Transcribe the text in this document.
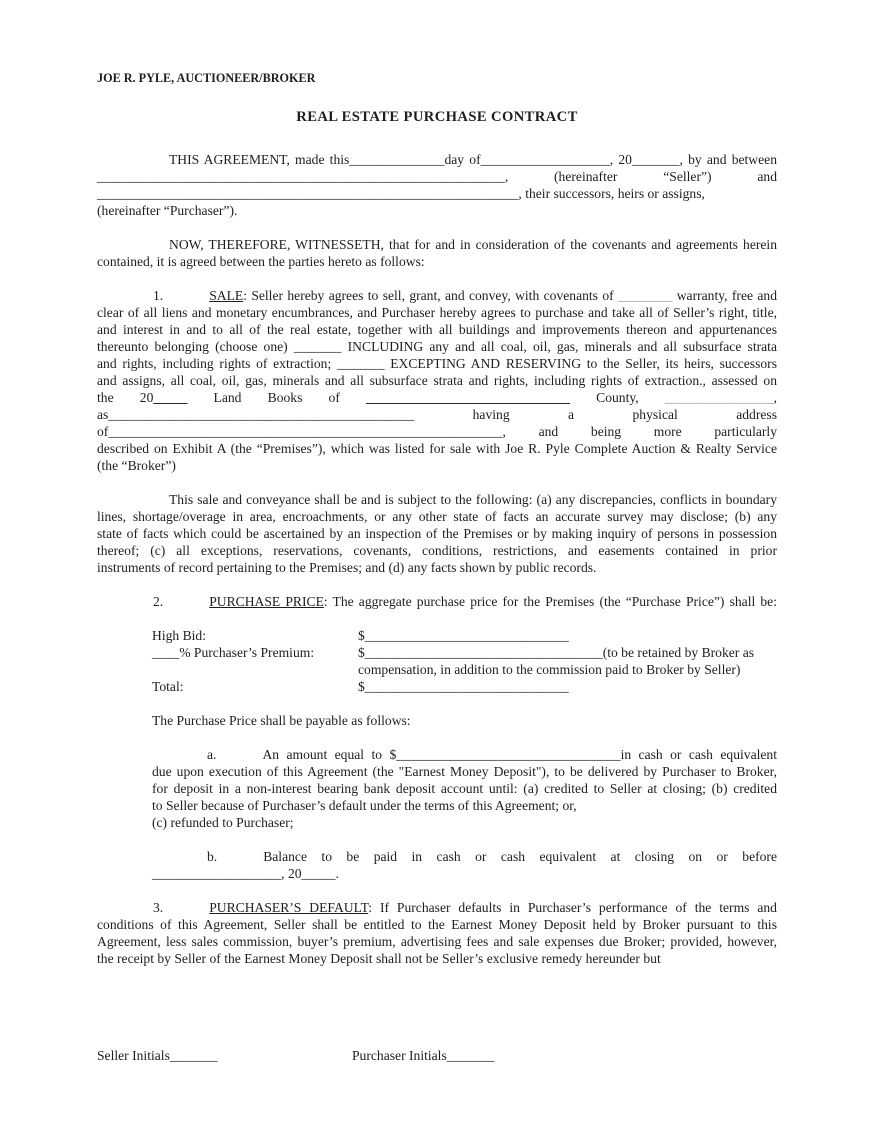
JOE R. PYLE, AUCTIONEER/BROKER
REAL ESTATE PURCHASE CONTRACT
THIS AGREEMENT, made this______________day of___________________, 20_______, by and between
____________________________________________________________, (hereinafter “Seller”) and
______________________________________________________________, their successors, heirs or assigns,
(hereinafter “Purchaser”).
NOW, THEREFORE, WITNESSETH, that for and in consideration of the covenants and agreements herein
contained, it is agreed between the parties hereto as follows:
1.	SALE: Seller hereby agrees to sell, grant, and convey, with covenants of ________ warranty, free and
clear of all liens and monetary encumbrances, and Purchaser hereby agrees to purchase and take all of Seller’s right, title,
and interest in and to all of the real estate, together with all buildings and improvements thereon and appurtenances
thereunto belonging (choose one) _______ INCLUDING any and all coal, oil, gas, minerals and all subsurface strata
and rights, including rights of extraction; _______ EXCEPTING AND RESERVING to the Seller, its heirs, successors
and assigns, all coal, oil, gas, minerals and all subsurface strata and rights, including rights of extraction., assessed on
the 20_____ Land Books of ______________________________ County, ________________,
as_____________________________________________ having a physical address
of__________________________________________________________, and being more particularly
described on Exhibit A (the “Premises”), which was listed for sale with Joe R. Pyle Complete Auction & Realty Service
(the “Broker”)
This sale and conveyance shall be and is subject to the following: (a) any discrepancies, conflicts in boundary
lines, shortage/overage in area, encroachments, or any other state of facts an accurate survey may disclose; (b) any
state of facts which could be ascertained by an inspection of the Premises or by making inquiry of persons in possession
thereof; (c) all exceptions, reservations, covenants, conditions, restrictions, and easements contained in prior
instruments of record pertaining to the Premises; and (d) any facts shown by public records.
2.	PURCHASE PRICE: The aggregate purchase price for the Premises (the “Purchase Price”) shall be:
High Bid:	$______________________________
____% Purchaser’s Premium:	$___________________________________(to be retained by Broker as
compensation, in addition to the commission paid to Broker by Seller)
Total:	$______________________________
The Purchase Price shall be payable as follows:
a.	An amount equal to $_________________________________in cash or cash equivalent
due upon execution of this Agreement (the "Earnest Money Deposit"), to be delivered by Purchaser to Broker,
for deposit in a non-interest bearing bank deposit account until: (a) credited to Seller at closing; (b) credited
to Seller because of Purchaser’s default under the terms of this Agreement; or,
(c) refunded to Purchaser;
b.	Balance to be paid in cash or cash equivalent at closing on or before
___________________, 20_____.
3.	PURCHASER’S DEFAULT: If Purchaser defaults in Purchaser’s performance of the terms and
conditions of this Agreement, Seller shall be entitled to the Earnest Money Deposit held by Broker pursuant to this
Agreement, less sales commission, buyer’s premium, advertising fees and sale expenses due Broker; provided, however,
the receipt by Seller of the Earnest Money Deposit shall not be Seller’s exclusive remedy hereunder but
Seller Initials_______	Purchaser Initials_______
